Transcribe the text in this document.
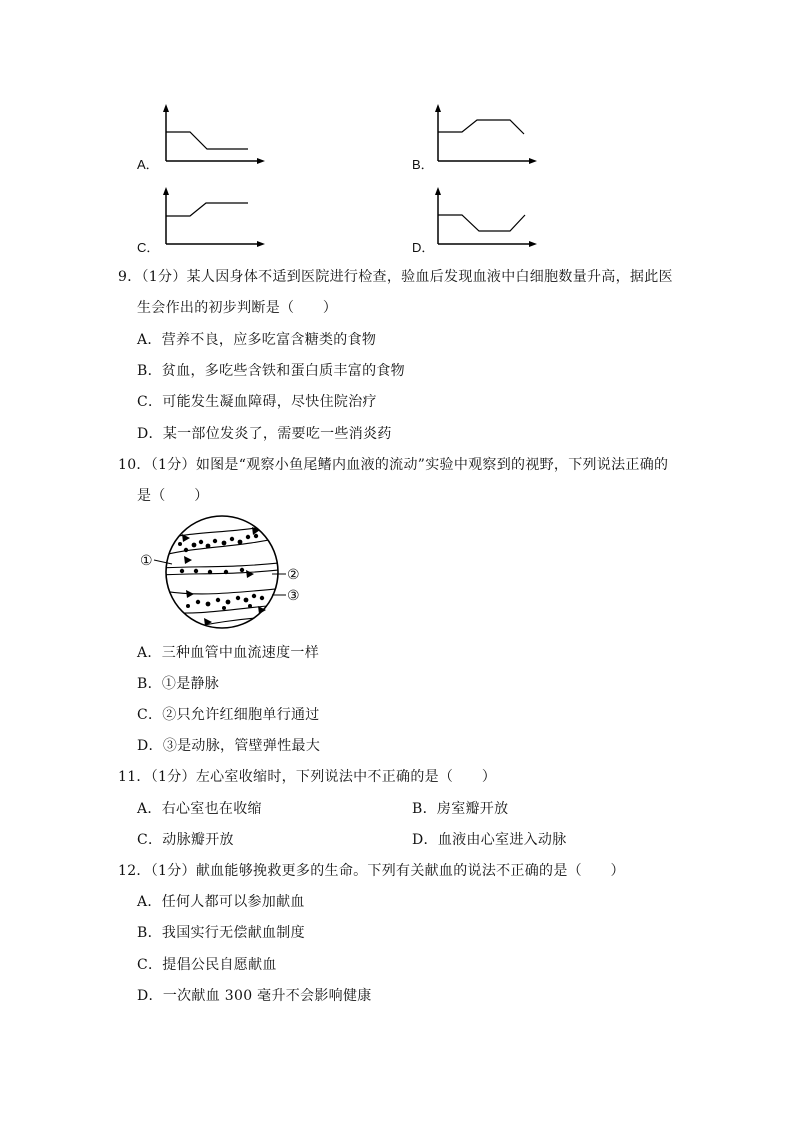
A．	B．
C．	D．
9．（1分）某人因身体不适到医院进行检查，验血后发现血液中白细胞数量升高，据此医
生会作出的初步判断是（　　）
A．营养不良，应多吃富含糖类的食物
B．贫血，多吃些含铁和蛋白质丰富的食物
C．可能发生凝血障碍，尽快住院治疗
D．某一部位发炎了，需要吃一些消炎药
10．（1分）如图是“观察小鱼尾鳍内血液的流动”实验中观察到的视野，下列说法正确的
是（　　）
①
②
③
A．三种血管中血流速度一样
B．①是静脉
C．②只允许红细胞单行通过
D．③是动脉，管壁弹性最大
11．（1分）左心室收缩时，下列说法中不正确的是（　　）
A．右心室也在收缩	B．房室瓣开放
C．动脉瓣开放	D．血液由心室进入动脉
12．（1分）献血能够挽救更多的生命。下列有关献血的说法不正确的是（　　）
A．任何人都可以参加献血
B．我国实行无偿献血制度
C．提倡公民自愿献血
D．一次献血 300 毫升不会影响健康
